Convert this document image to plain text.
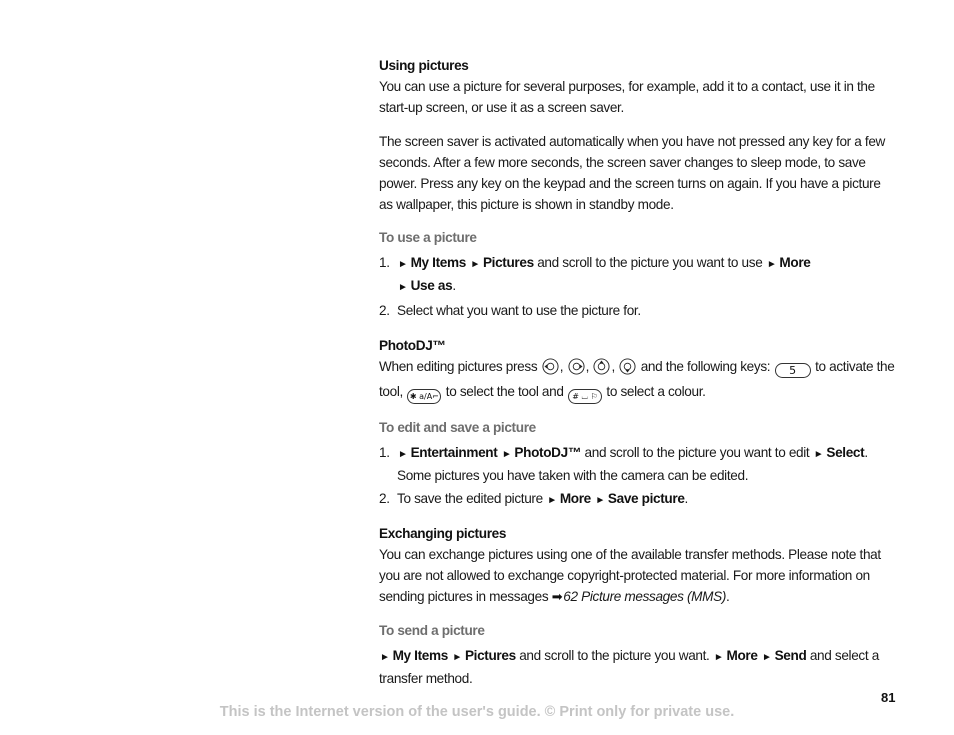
Using pictures

You can use a picture for several purposes, for example, add it to a contact, use it in the start-up screen, or use it as a screen saver.

The screen saver is activated automatically when you have not pressed any key for a few seconds. After a few more seconds, the screen saver changes to sleep mode, to save power. Press any key on the keypad and the screen turns on again. If you have a picture as wallpaper, this picture is shown in standby mode.

To use a picture

1. ► My Items ► Pictures and scroll to the picture you want to use ► More
► Use as.
2. Select what you want to use the picture for.

PhotoDJ™

When editing pictures press , , ,  and the following keys: 5 to activate the tool, ✱ a/A⌐ to select the tool and # ⌴ ⚐ to select a colour.

To edit and save a picture

1. ► Entertainment ► PhotoDJ™ and scroll to the picture you want to edit ► Select. Some pictures you have taken with the camera can be edited.
2. To save the edited picture ► More ► Save picture.

Exchanging pictures

You can exchange pictures using one of the available transfer methods. Please note that you are not allowed to exchange copyright-protected material. For more information on sending pictures in messages ➡62 Picture messages (MMS).

To send a picture

► My Items ► Pictures and scroll to the picture you want. ► More ► Send and select a transfer method.

81
This is the Internet version of the user's guide. © Print only for private use.
